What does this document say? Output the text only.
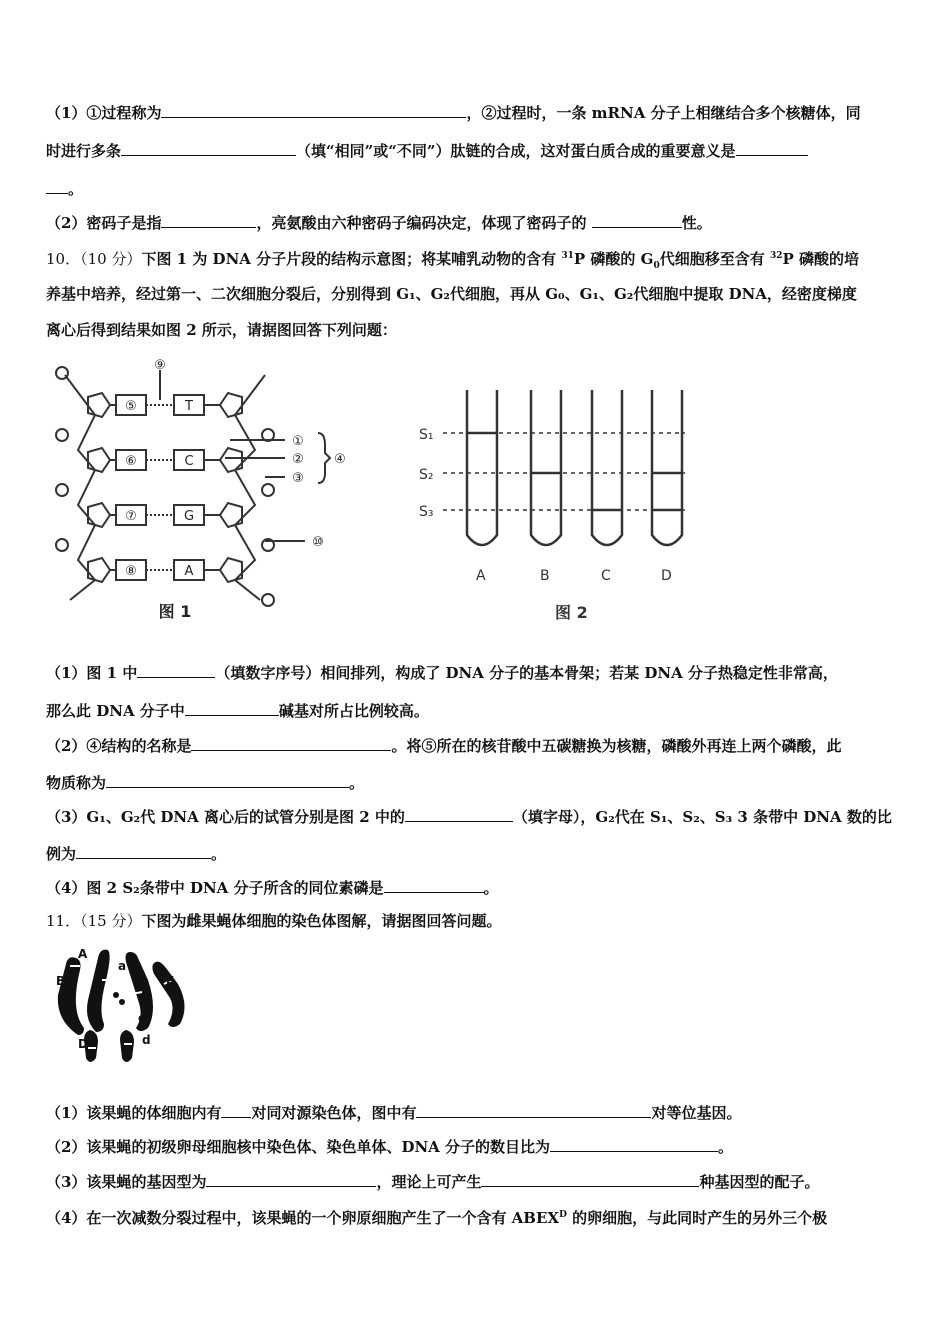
（1）①过程称为	，②过程时，一条 mRNA 分子上相继结合多个核糖体，同
时进行多条	（填“相同”或“不同”）肽链的合成，这对蛋白质合成的重要意义是
。
（2）密码子是指	，亮氨酸由六种密码子编码决定，体现了密码子的	性。
10．（10 分）下图 1 为 DNA 分子片段的结构示意图；将某哺乳动物的含有 $^{31}$P 磷酸的 $G_0$代细胞移至含有 $^{32}$P 磷酸的培
养基中培养，经过第一、二次细胞分裂后，分别得到 G₁、G₂代细胞，再从 G₀、G₁、G₂代细胞中提取 DNA，经密度梯度
离心后得到结果如图 2 所示，请据图回答下列问题：
⑤
⑥
⑦
⑧
T
C
G
A
⑨
①
②
③
④
⑩
图 1
S₁
S₂
S₃
A	B	C	D
图 2
（1）图 1 中	（填数字序号）相间排列，构成了 DNA 分子的基本骨架；若某 DNA 分子热稳定性非常高，
那么此 DNA 分子中	碱基对所占比例较高。
（2）④结构的名称是	。将⑤所在的核苷酸中五碳糖换为核糖，磷酸外再连上两个磷酸，此
物质称为	。
（3）G₁、G₂代 DNA 离心后的试管分别是图 2 中的	（填字母），G₂代在 S₁、S₂、S₃ 3 条带中 DNA 数的比
例为	。
（4）图 2 S₂条带中 DNA 分子所含的同位素磷是	。
11．（15 分）下图为雌果蝇体细胞的染色体图解，请据图回答问题。
A
a
B	E
B	e
D	d
（1）该果蝇的体细胞内有 对同对源染色体，图中有	对等位基因。
（2）该果蝇的初级卵母细胞核中染色体、染色单体、DNA 分子的数目比为	。
（3）该果蝇的基因型为	，理论上可产生	种基因型的配子。
（4）在一次减数分裂过程中，该果蝇的一个卵原细胞产生了一个含有 $ABEX^D$ 的卵细胞，与此同时产生的另外三个极
